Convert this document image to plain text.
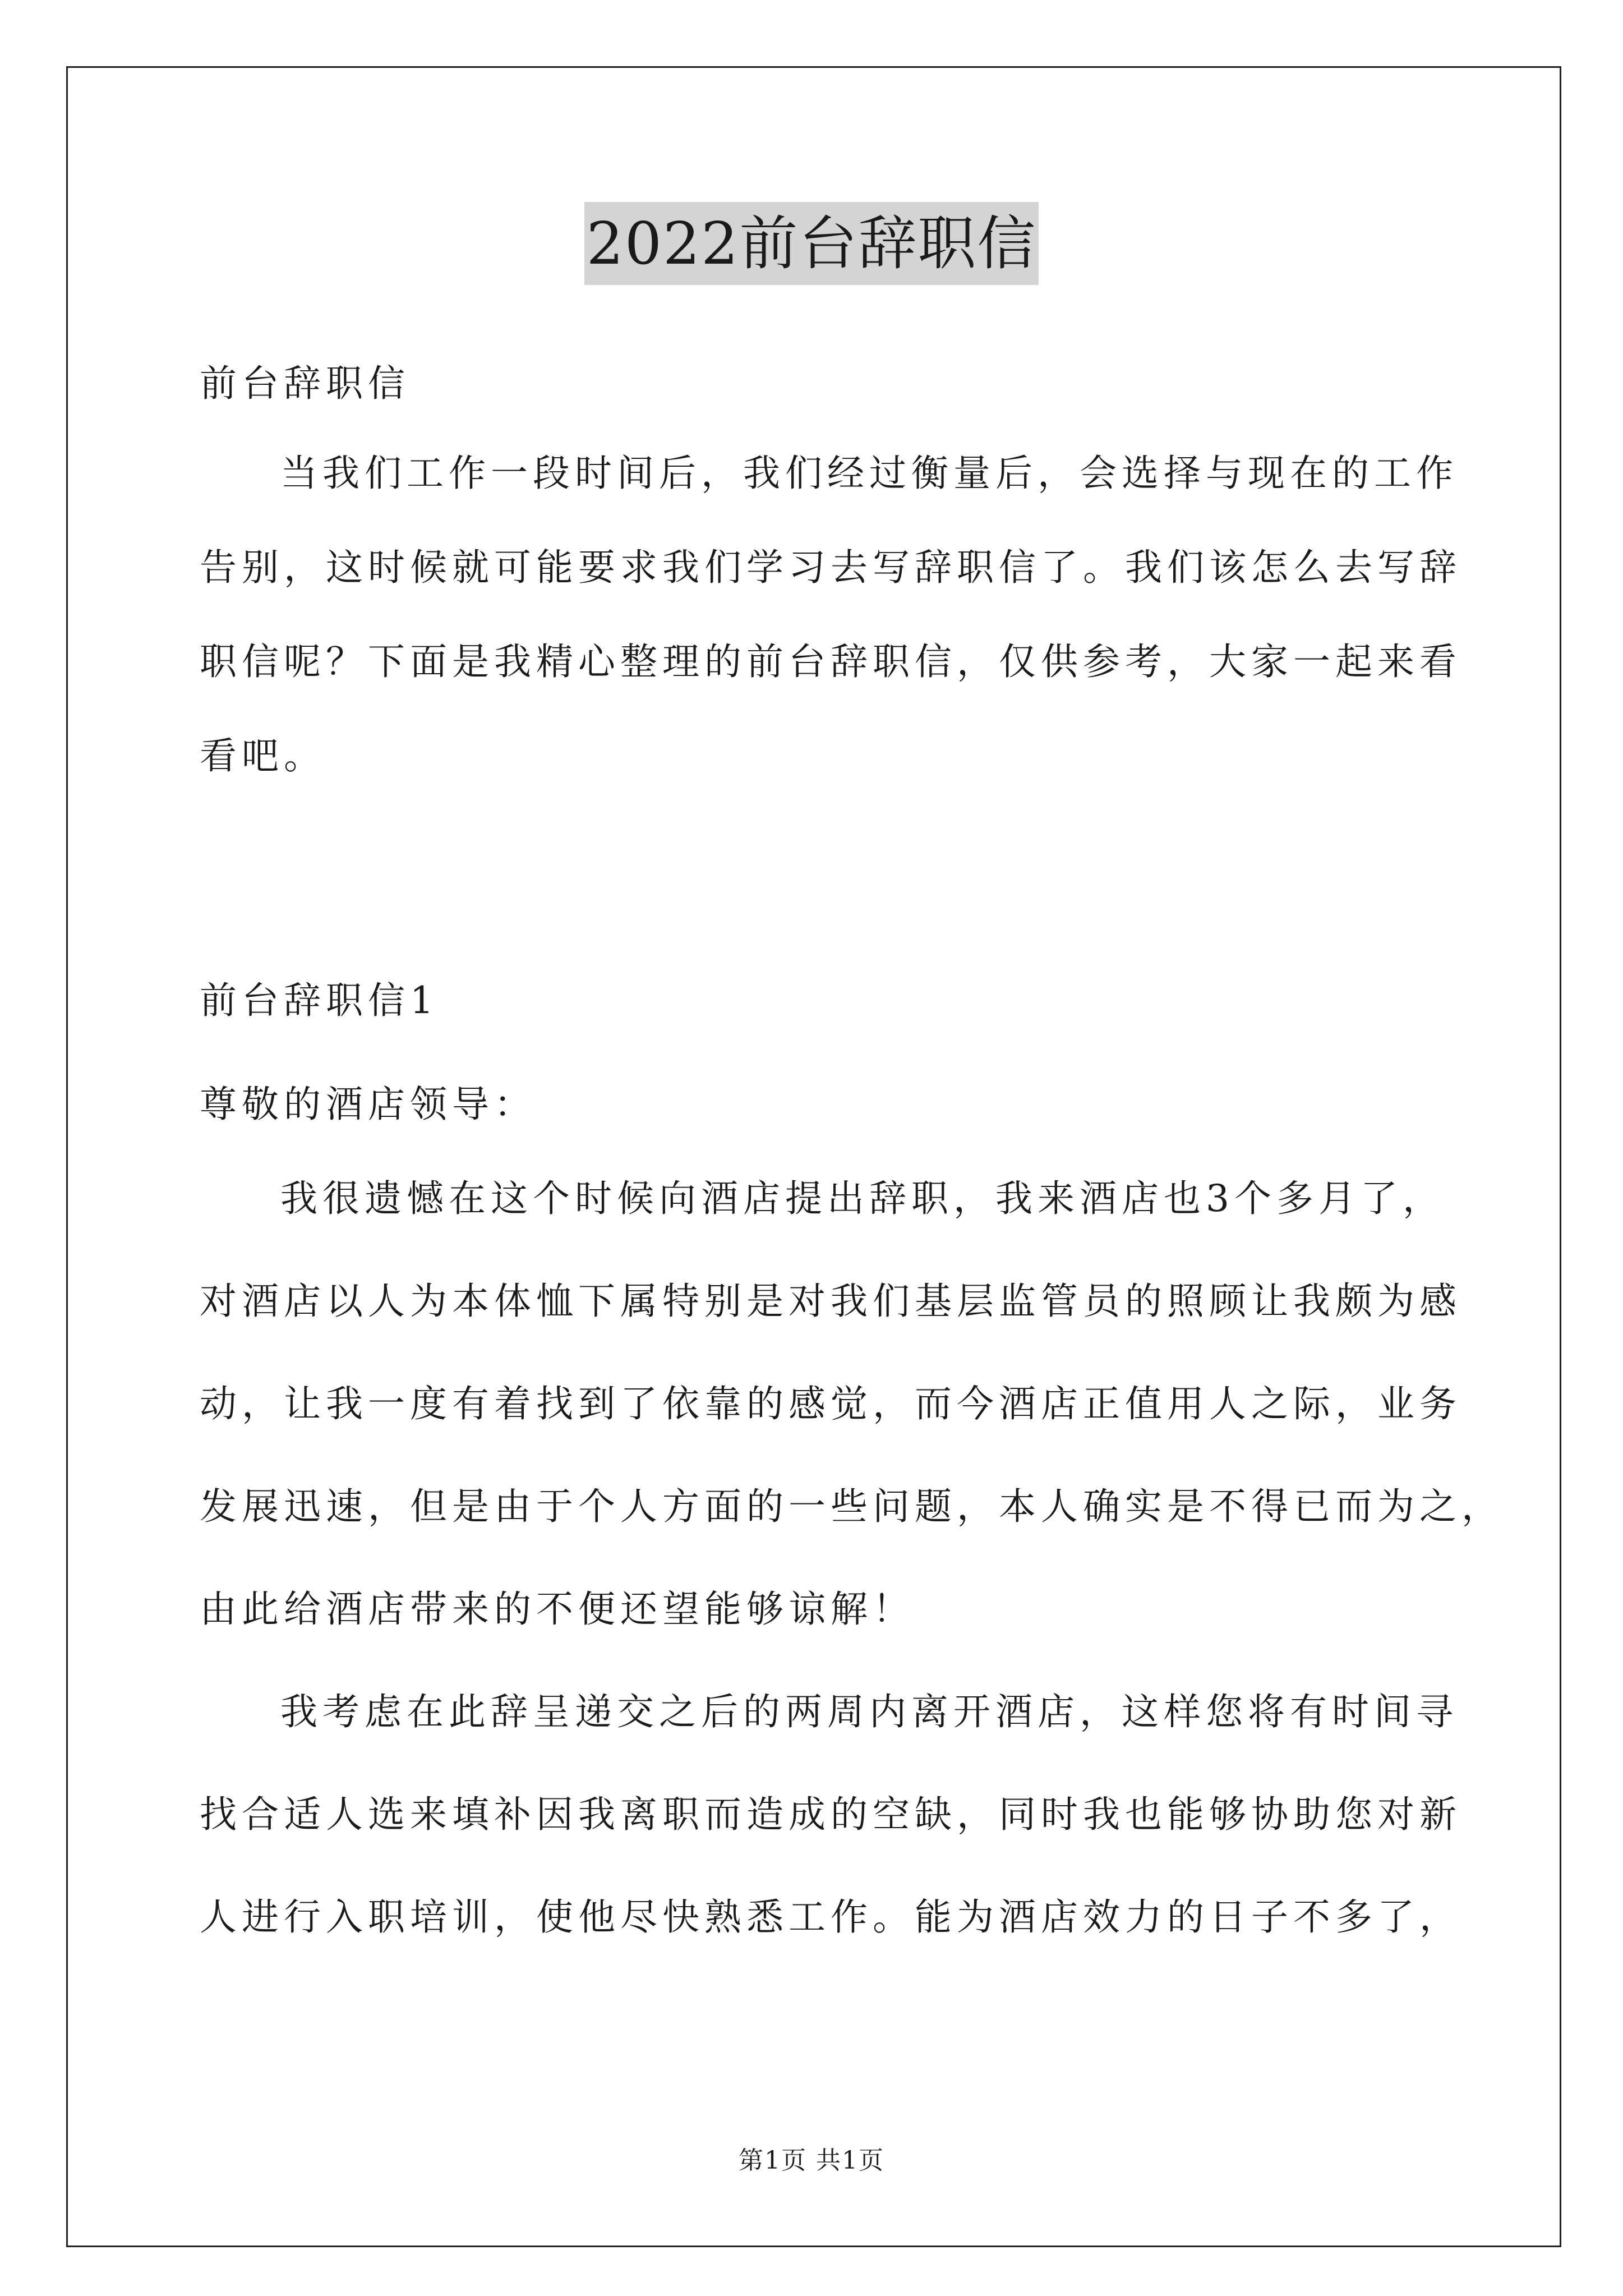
2022前台辞职信
前台辞职信
当我们工作一段时间后，我们经过衡量后，会选择与现在的工作
告别，这时候就可能要求我们学习去写辞职信了。我们该怎么去写辞
职信呢？下面是我精心整理的前台辞职信，仅供参考，大家一起来看
看吧。
前台辞职信1
尊敬的酒店领导：
我很遗憾在这个时候向酒店提出辞职，我来酒店也3个多月了，
对酒店以人为本体恤下属特别是对我们基层监管员的照顾让我颇为感
动，让我一度有着找到了依靠的感觉，而今酒店正值用人之际，业务
发展迅速，但是由于个人方面的一些问题，本人确实是不得已而为之，
由此给酒店带来的不便还望能够谅解！
我考虑在此辞呈递交之后的两周内离开酒店，这样您将有时间寻
找合适人选来填补因我离职而造成的空缺，同时我也能够协助您对新
人进行入职培训，使他尽快熟悉工作。能为酒店效力的日子不多了，
第1页 共1页
